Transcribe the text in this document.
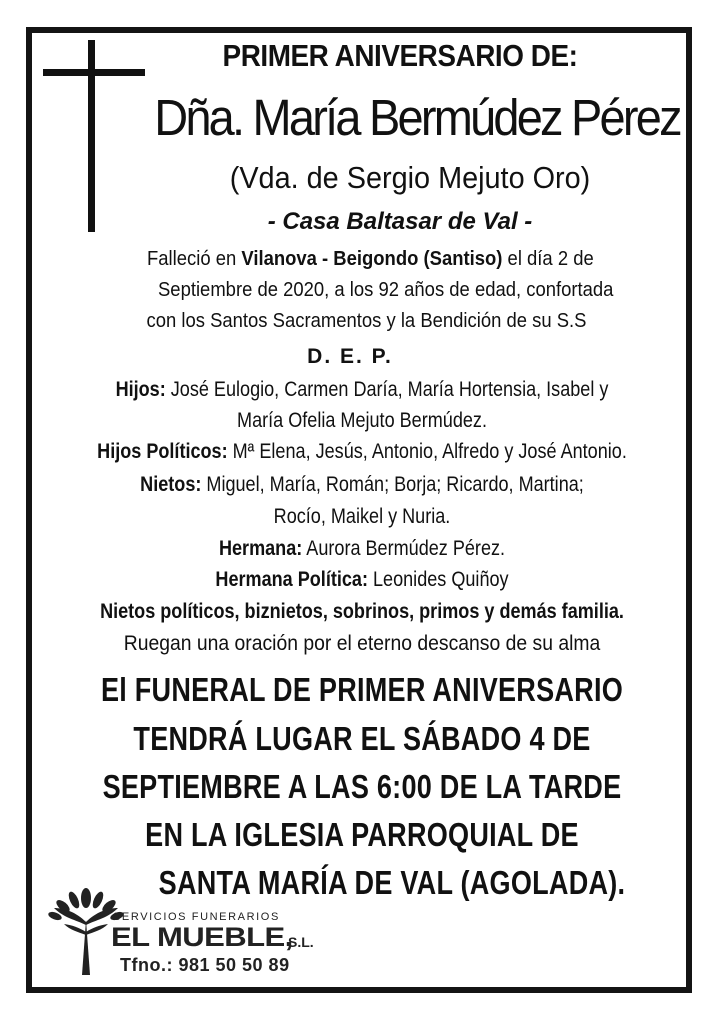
PRIMER ANIVERSARIO DE:
Dña. María Bermúdez Pérez
(Vda. de Sergio Mejuto Oro)
- Casa Baltasar de Val -
Falleció en Vilanova - Beigondo (Santiso) el día 2 de
Septiembre de 2020, a los 92 años de edad, confortada
con los Santos Sacramentos y la Bendición de su S.S
D. E. P.
Hijos: José Eulogio, Carmen Daría, María Hortensia, Isabel y
María Ofelia Mejuto Bermúdez.
Hijos Políticos: Mª Elena, Jesús, Antonio, Alfredo y José Antonio.
Nietos: Miguel, María, Román; Borja; Ricardo, Martina;
Rocío, Maikel y Nuria.
Hermana: Aurora Bermúdez Pérez.
Hermana Política: Leonides Quiñoy
Nietos políticos, biznietos, sobrinos, primos y demás familia.
Ruegan una oración por el eterno descanso de su alma
El FUNERAL DE PRIMER ANIVERSARIO
TENDRÁ LUGAR EL SÁBADO 4 DE
SEPTIEMBRE A LAS 6:00 DE LA TARDE
EN LA IGLESIA PARROQUIAL DE
SANTA MARÍA DE VAL (AGOLADA).
SERVICIOS FUNERARIOS
EL MUEBLE,
S.L.
Tfno.: 981 50 50 89
